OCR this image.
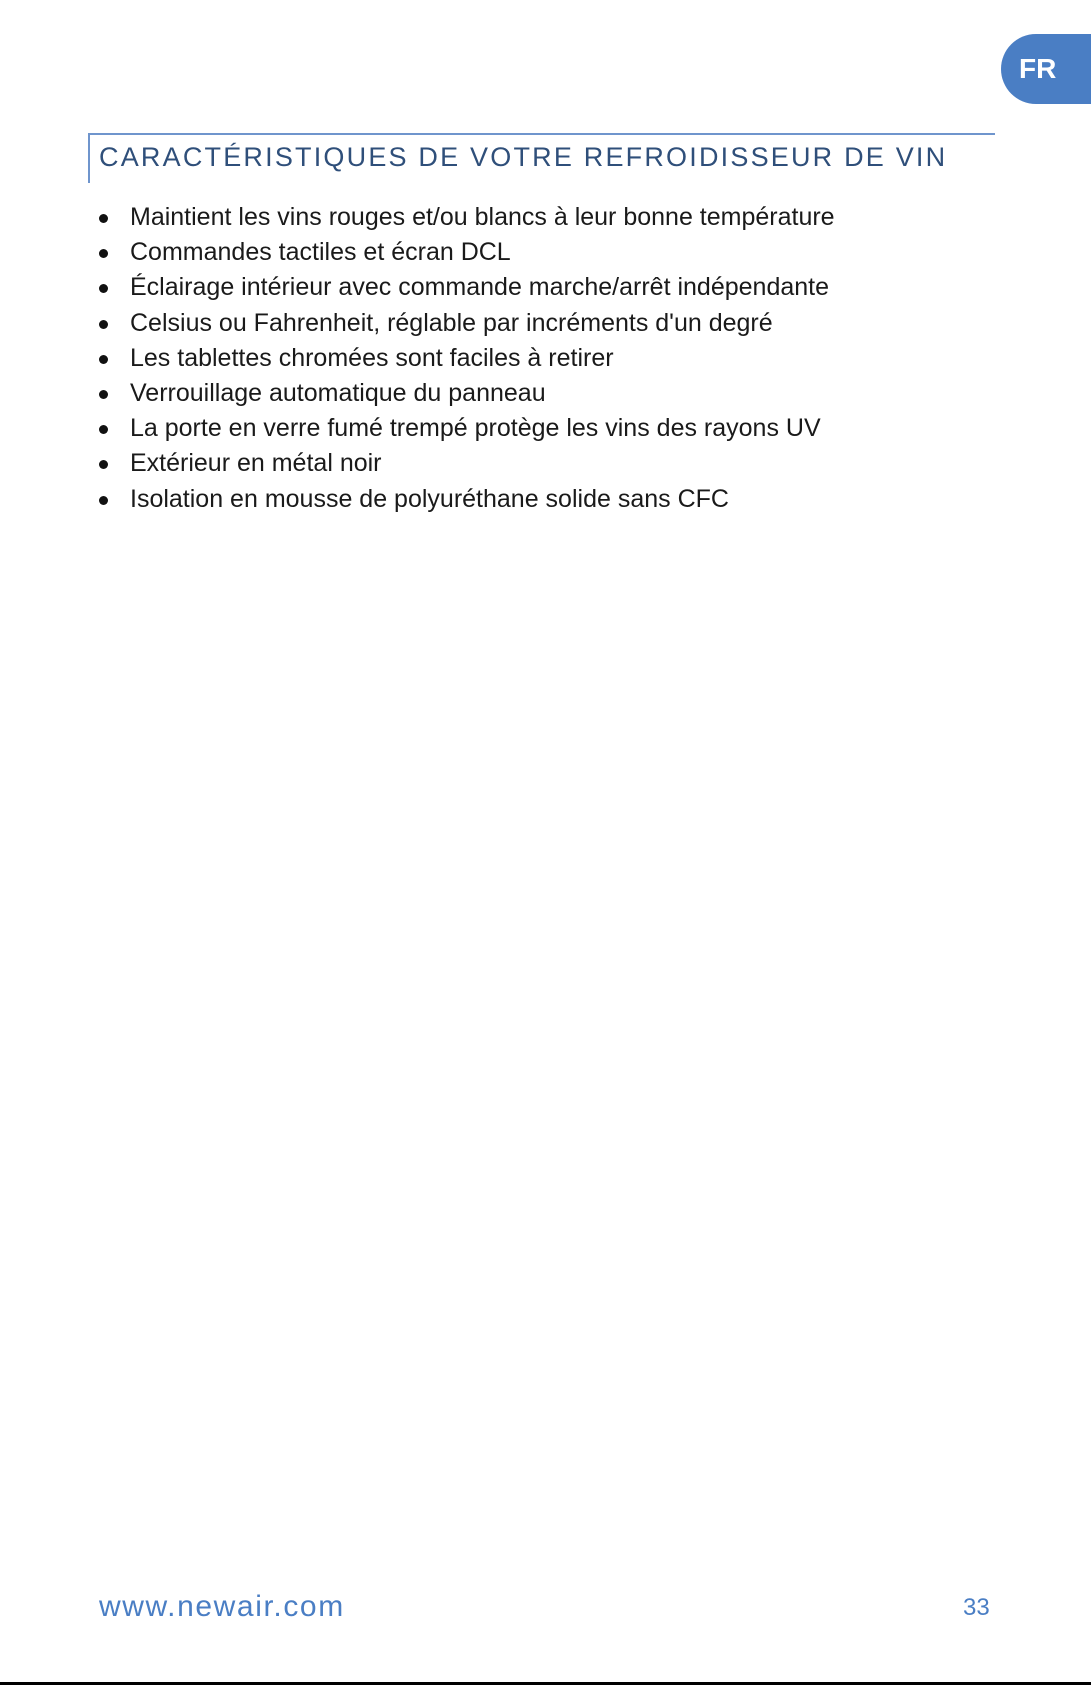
FR
CARACTÉRISTIQUES DE VOTRE REFROIDISSEUR DE VIN
Maintient les vins rouges et/ou blancs à leur bonne température
Commandes tactiles et écran DCL
Éclairage intérieur avec commande marche/arrêt indépendante
Celsius ou Fahrenheit, réglable par incréments d'un degré
Les tablettes chromées sont faciles à retirer
Verrouillage automatique du panneau
La porte en verre fumé trempé protège les vins des rayons UV
Extérieur en métal noir
Isolation en mousse de polyuréthane solide sans CFC
www.newair.com	33
